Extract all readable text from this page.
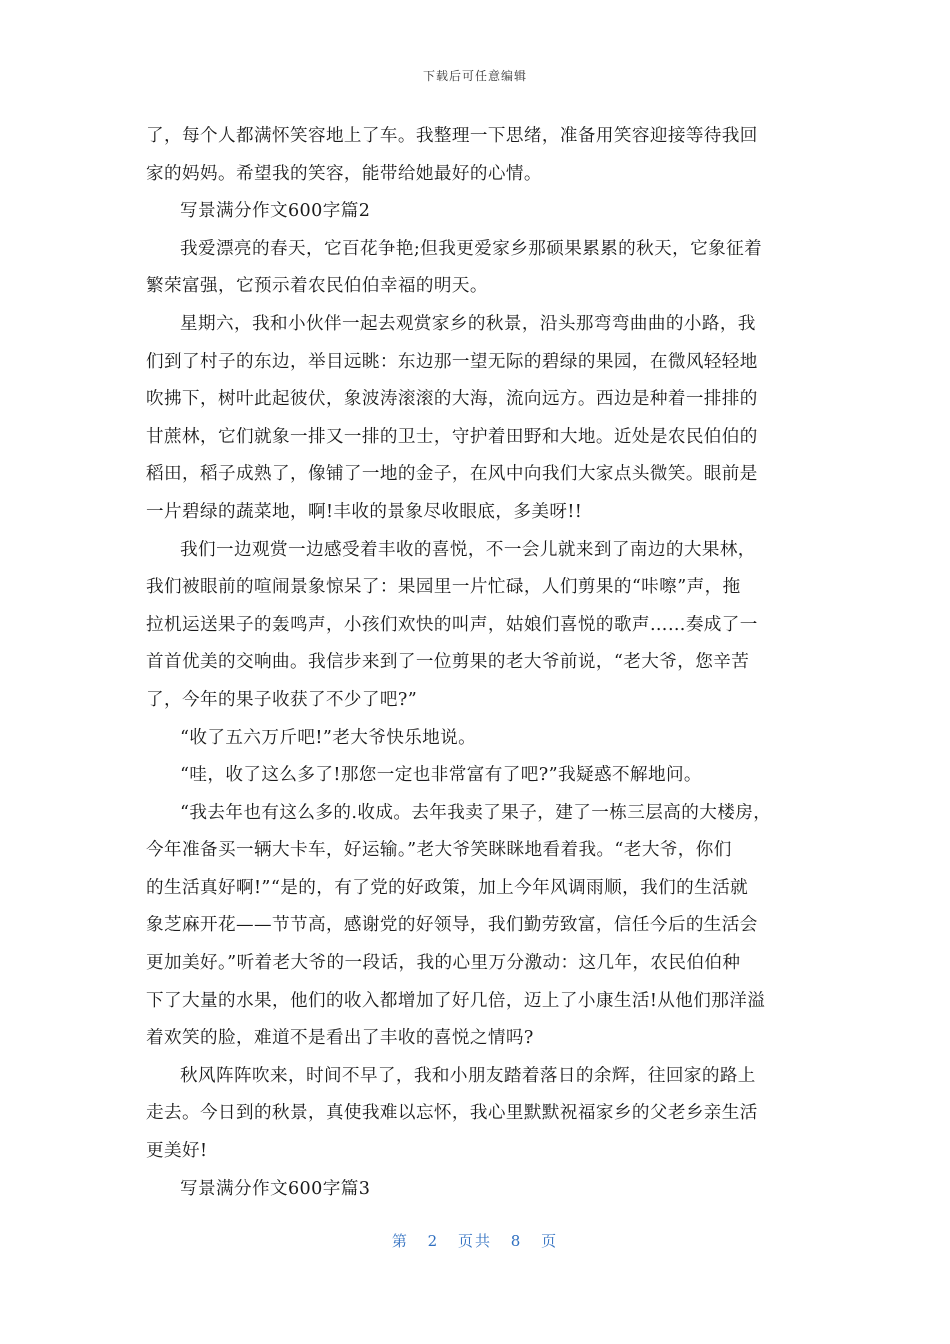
下载后可任意编辑
了，每个人都满怀笑容地上了车。我整理一下思绪，准备用笑容迎接等待我回
家的妈妈。希望我的笑容，能带给她最好的心情。
写景满分作文600字篇2
我爱漂亮的春天，它百花争艳;但我更爱家乡那硕果累累的秋天，它象征着
繁荣富强，它预示着农民伯伯幸福的明天。
星期六，我和小伙伴一起去观赏家乡的秋景，沿头那弯弯曲曲的小路，我
们到了村子的东边，举目远眺：东边那一望无际的碧绿的果园，在微风轻轻地
吹拂下，树叶此起彼伏，象波涛滚滚的大海，流向远方。西边是种着一排排的
甘蔗林，它们就象一排又一排的卫士，守护着田野和大地。近处是农民伯伯的
稻田，稻子成熟了，像铺了一地的金子，在风中向我们大家点头微笑。眼前是
一片碧绿的蔬菜地，啊!丰收的景象尽收眼底，多美呀!!
我们一边观赏一边感受着丰收的喜悦，不一会儿就来到了南边的大果林，
我们被眼前的喧闹景象惊呆了：果园里一片忙碌，人们剪果的“咔嚓”声，拖
拉机运送果子的轰鸣声，小孩们欢快的叫声，姑娘们喜悦的歌声……奏成了一
首首优美的交响曲。我信步来到了一位剪果的老大爷前说，“老大爷，您辛苦
了，今年的果子收获了不少了吧?”
“收了五六万斤吧!”老大爷快乐地说。
“哇，收了这么多了!那您一定也非常富有了吧?”我疑惑不解地问。
“我去年也有这么多的.收成。去年我卖了果子，建了一栋三层高的大楼房，
今年准备买一辆大卡车，好运输。”老大爷笑眯眯地看着我。“老大爷，你们
的生活真好啊!”“是的，有了党的好政策，加上今年风调雨顺，我们的生活就
象芝麻开花——节节高，感谢党的好领导，我们勤劳致富，信任今后的生活会
更加美好。”听着老大爷的一段话，我的心里万分激动：这几年，农民伯伯种
下了大量的水果，他们的收入都增加了好几倍，迈上了小康生活!从他们那洋溢
着欢笑的脸，难道不是看出了丰收的喜悦之情吗?
秋风阵阵吹来，时间不早了，我和小朋友踏着落日的余辉，往回家的路上
走去。今日到的秋景，真使我难以忘怀，我心里默默祝福家乡的父老乡亲生活
更美好!
写景满分作文600字篇3
第 2 页共 8 页
